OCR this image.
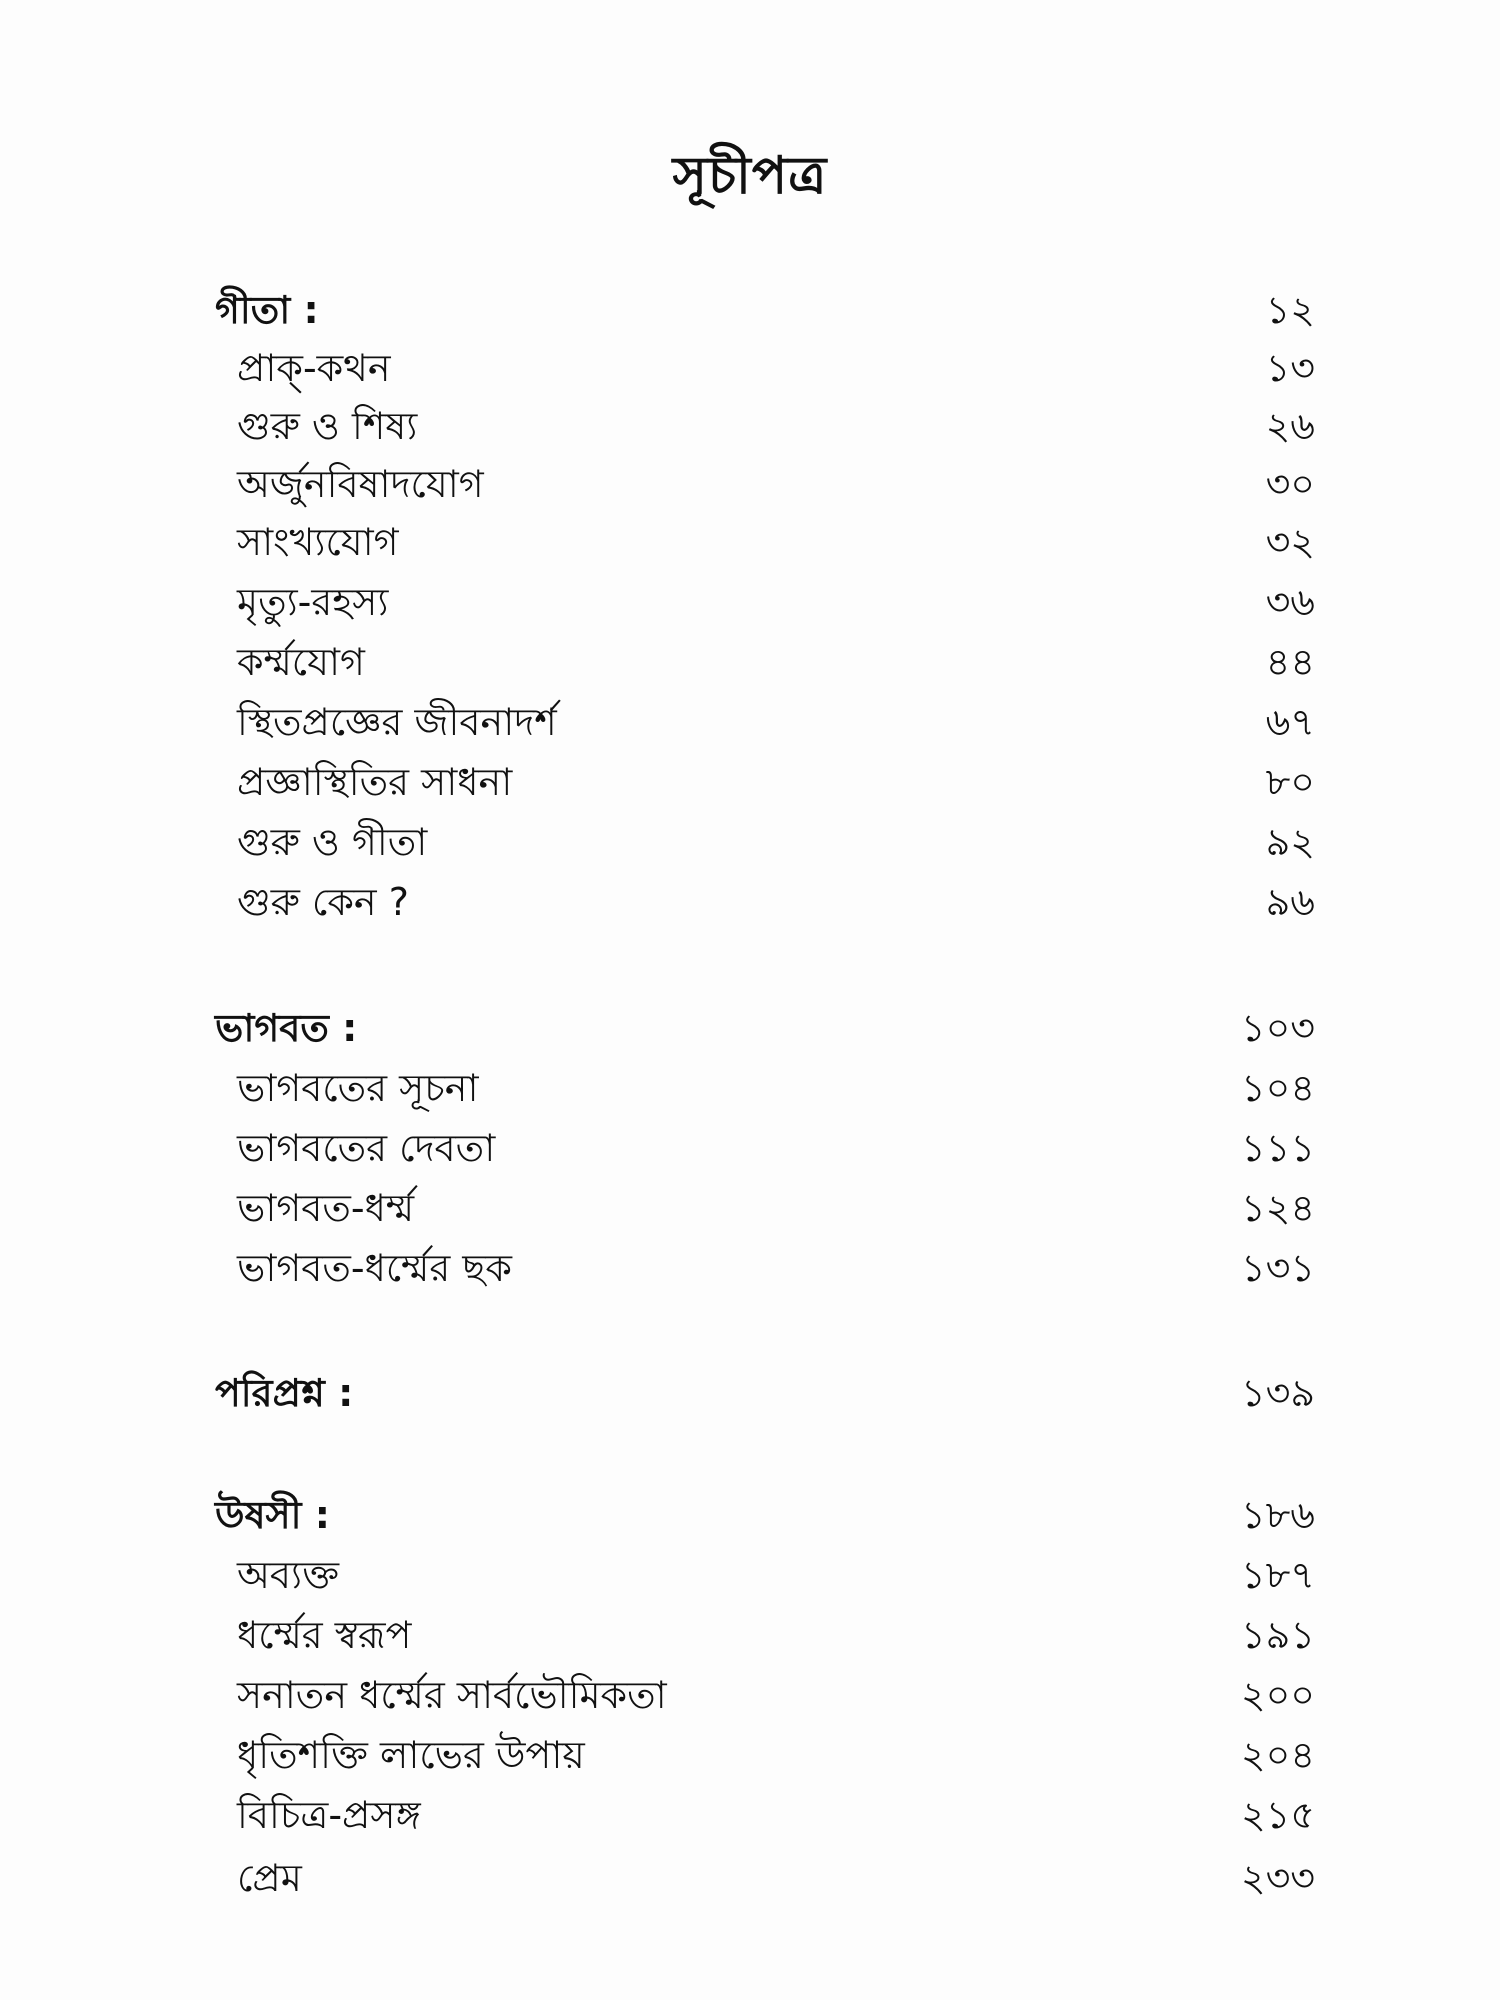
সূচীপত্র
গীতা :	১২
প্রাক্-কথন	১৩
গুরু ও শিষ্য	২৬
অর্জুনবিষাদযোগ	৩০
সাংখ্যযোগ	৩২
মৃত্যু-রহস্য	৩৬
কর্ম্মযোগ	৪৪
স্থিতপ্রজ্ঞের জীবনাদর্শ	৬৭
প্রজ্ঞাস্থিতির সাধনা	৮০
গুরু ও গীতা	৯২
গুরু কেন ?	৯৬
ভাগবত :	১০৩
ভাগবতের সূচনা	১০৪
ভাগবতের দেবতা	১১১
ভাগবত-ধর্ম্ম	১২৪
ভাগবত-ধর্ম্মের ছক	১৩১
পরিপ্রশ্ন :	১৩৯
উষসী :	১৮৬
অব্যক্ত	১৮৭
ধর্ম্মের স্বরূপ	১৯১
সনাতন ধর্ম্মের সার্বভৌমিকতা	২০০
ধৃতিশক্তি লাভের উপায়	২০৪
বিচিত্র-প্রসঙ্গ	২১৫
প্রেম	২৩৩
